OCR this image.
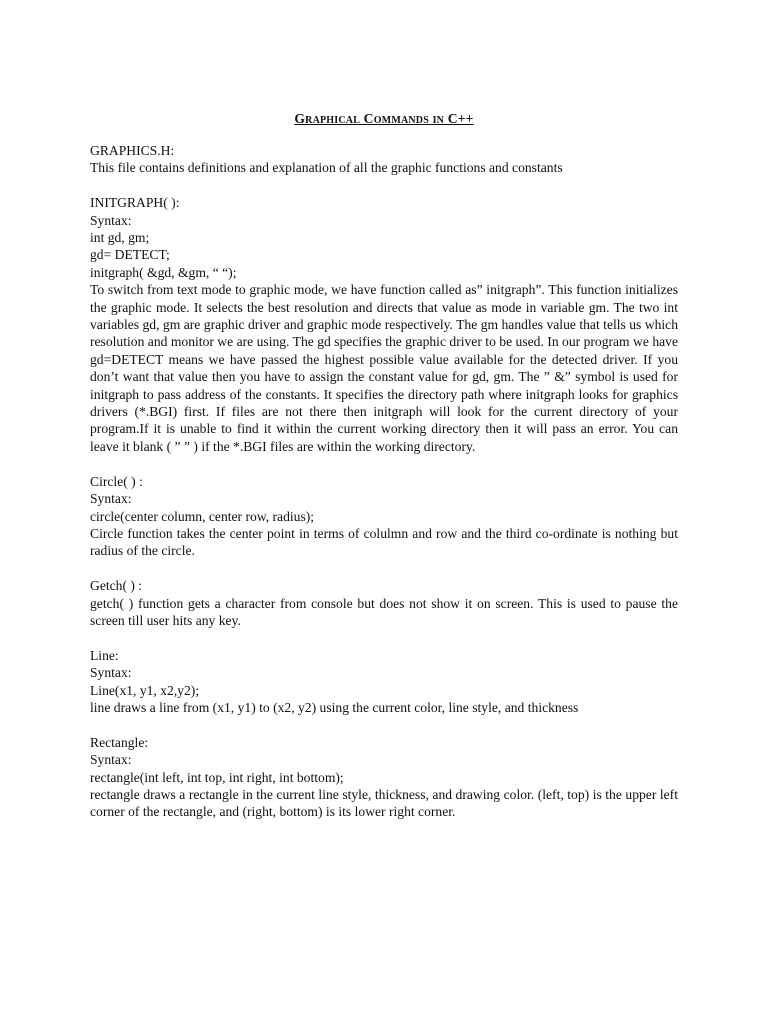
Graphical Commands in C++
GRAPHICS.H:
This file contains definitions and explanation of all the graphic functions and constants
INITGRAPH( ):
Syntax:
int gd, gm;
gd= DETECT;
initgraph( &gd, &gm, “ “);
To switch from text mode to graphic mode, we have function called as” initgraph”. This function initializes the graphic mode. It selects the best resolution and directs that value as mode in variable gm. The two int variables gd, gm are graphic driver and graphic mode respectively. The gm handles value that tells us which resolution and monitor we are using. The gd specifies the graphic driver to be used. In our program we have gd=DETECT means we have passed the highest possible value available for the detected driver. If you don’t want that value then you have to assign the constant value for gd, gm. The ” &” symbol is used for initgraph to pass address of the constants. It specifies the directory path where initgraph looks for graphics drivers (*.BGI) first. If files are not there then initgraph will look for the current directory of your program.If it is unable to find it within the current working directory then it will pass an error. You can leave it blank ( ” ” ) if the *.BGI files are within the working directory.
Circle( ) :
Syntax:
circle(center column, center row, radius);
Circle function takes the center point in terms of colulmn and row and the third co-ordinate is nothing but radius of the circle.
Getch( ) :
getch( ) function gets a character from console but does not show it on screen. This is used to pause the screen till user hits any key.
Line:
Syntax:
Line(x1, y1, x2,y2);
line draws a line from (x1, y1) to (x2, y2) using the current color, line style, and thickness
Rectangle:
Syntax:
rectangle(int left, int top, int right, int bottom);
rectangle draws a rectangle in the current line style, thickness, and drawing color. (left, top) is the upper left corner of the rectangle, and (right, bottom) is its lower right corner.
